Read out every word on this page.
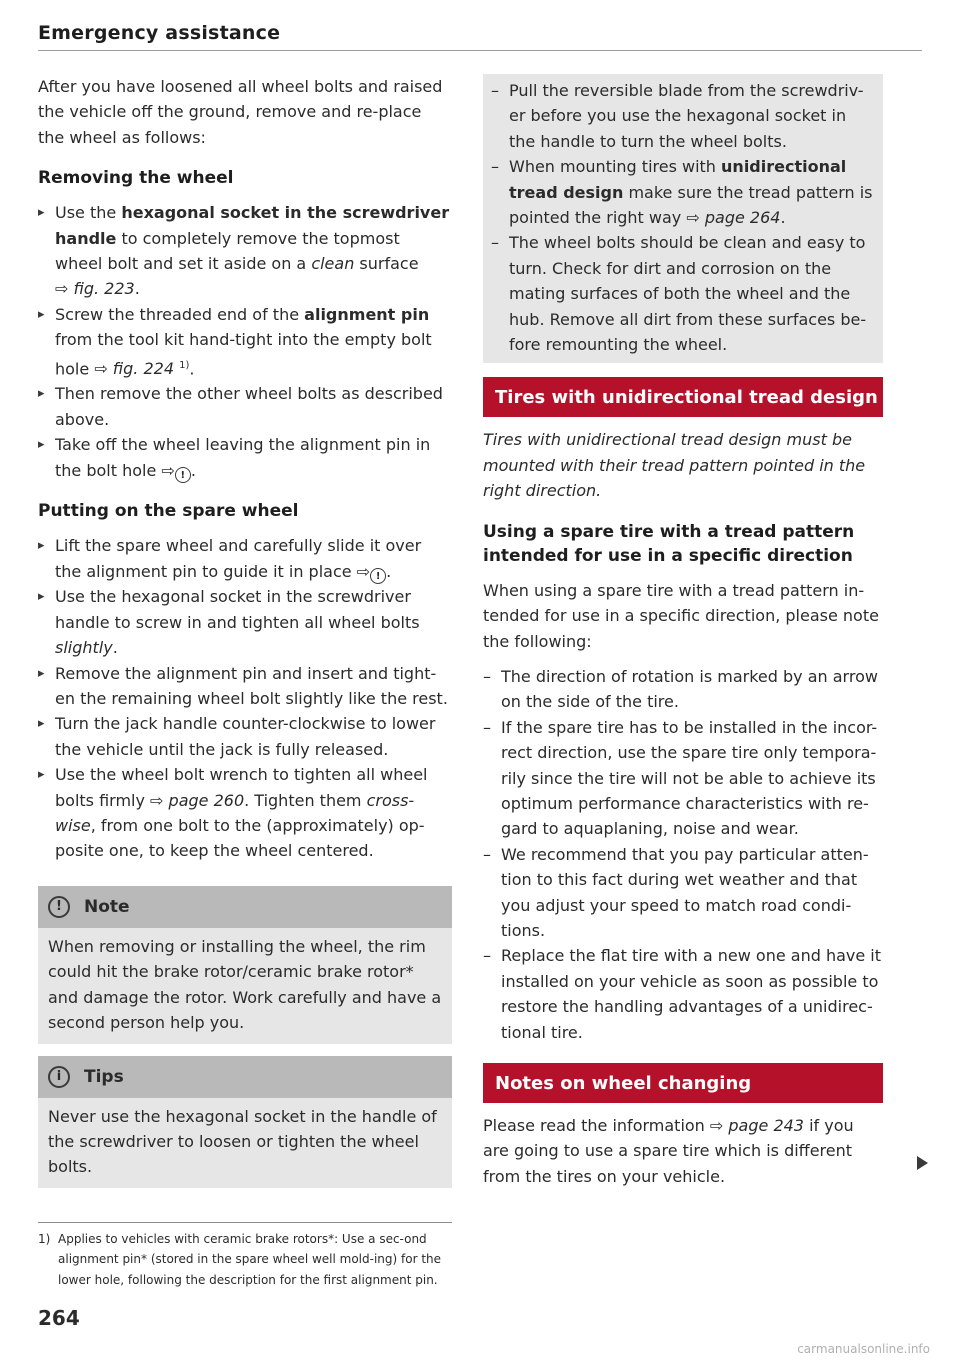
Emergency assistance

After you have loosened all wheel bolts and raised the vehicle off the ground, remove and re-place the wheel as follows:

Removing the wheel
▸ Use the hexagonal socket in the screwdriver handle to completely remove the topmost wheel bolt and set it aside on a clean surface ⇨ fig. 223.
▸ Screw the threaded end of the alignment pin from the tool kit hand-tight into the empty bolt hole ⇨ fig. 224 $^{1)}$.
▸ Then remove the other wheel bolts as described above.
▸ Take off the wheel leaving the alignment pin in the bolt hole ⇨ ! .
Putting on the spare wheel
▸ Lift the spare wheel and carefully slide it over the alignment pin to guide it in place ⇨ ! .
▸ Use the hexagonal socket in the screwdriver handle to screw in and tighten all wheel bolts slightly.
▸ Remove the alignment pin and insert and tight-en the remaining wheel bolt slightly like the rest.
▸ Turn the jack handle counter-clockwise to lower the vehicle until the jack is fully released.
▸ Use the wheel bolt wrench to tighten all wheel bolts firmly ⇨ page 260. Tighten them cross-wise, from one bolt to the (approximately) op-posite one, to keep the wheel centered.
!	Note

When removing or installing the wheel, the rim could hit the brake rotor/ceramic brake rotor* and damage the rotor. Work carefully and have a second person help you.

i	Tips

Never use the hexagonal socket in the handle of the screwdriver to loosen or tighten the wheel bolts.

1) Applies to vehicles with ceramic brake rotors*: Use a sec-ond alignment pin* (stored in the spare wheel well mold-ing) for the lower hole, following the description for the first alignment pin.
264
– Pull the reversible blade from the screwdriv-er before you use the hexagonal socket in the handle to turn the wheel bolts.
– When mounting tires with unidirectional tread design make sure the tread pattern is pointed the right way ⇨ page 264.
– The wheel bolts should be clean and easy to turn. Check for dirt and corrosion on the mating surfaces of both the wheel and the hub. Remove all dirt from these surfaces be-fore remounting the wheel.
Tires with unidirectional tread design

Tires with unidirectional tread design must be mounted with their tread pattern pointed in the right direction.

Using a spare tire with a tread pattern intended for use in a specific direction

When using a spare tire with a tread pattern in-tended for use in a specific direction, please note the following:

– The direction of rotation is marked by an arrow on the side of the tire.
– If the spare tire has to be installed in the incor-rect direction, use the spare tire only tempora-rily since the tire will not be able to achieve its optimum performance characteristics with re-gard to aquaplaning, noise and wear.
– We recommend that you pay particular atten-tion to this fact during wet weather and that you adjust your speed to match road condi-tions.
– Replace the flat tire with a new one and have it installed on your vehicle as soon as possible to restore the handling advantages of a unidirec-tional tire.
Notes on wheel changing

Please read the information ⇨ page 243 if you are going to use a spare tire which is different from the tires on your vehicle.

carmanualsonline.info
